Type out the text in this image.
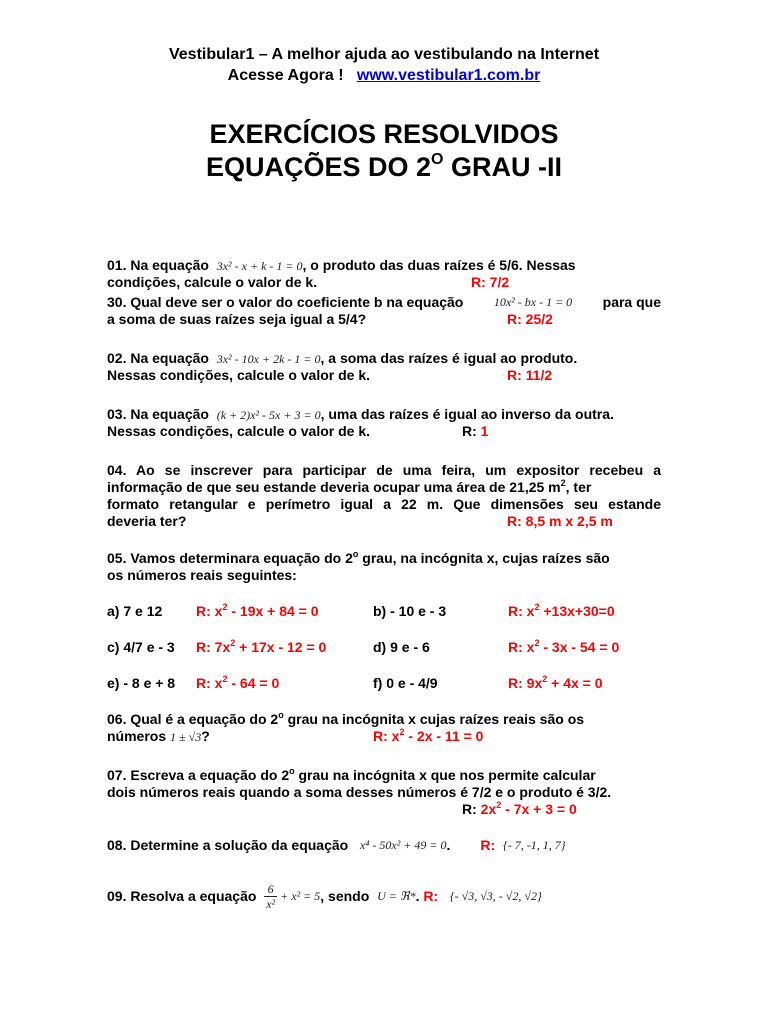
Vestibular1 – A melhor ajuda ao vestibulando na Internet
Acesse Agora ! www.vestibular1.com.br
EXERCÍCIOS RESOLVIDOS
EQUAÇÕES DO $2^O$ GRAU -II
01. Na equação 3x² - x + k - 1 = 0, o produto das duas raízes é 5/6. Nessas
condições, calcule o valor de k.	R: 7/2
30. Qual deve ser o valor do coeficiente b na equação	10x² - bx - 1 = 0 para que
a soma de suas raízes seja igual a 5/4?	R: 25/2
02. Na equação 3x² - 10x + 2k - 1 = 0, a soma das raízes é igual ao produto.
Nessas condições, calcule o valor de k.	R: 11/2
03. Na equação (k + 2)x² - 5x + 3 = 0, uma das raízes é igual ao inverso da outra.
Nessas condições, calcule o valor de k.	R:
1
04. Ao se inscrever para participar de uma feira, um expositor recebeu a
informação de que seu estande deveria ocupar uma área de 21,25 $m^2$, ter
formato retangular e perímetro igual a 22 m. Que dimensões seu estande
deveria ter?	R: 8,5 m x 2,5 m
05. Vamos determinara equação do 2$^o$ grau, na incógnita x, cujas raízes são
os números reais seguintes:
a) 7 e 12 R: $x^2 - 19x + 84 = 0$	b) - 10 e - 3	R: $x^2 +13x+30=0$
c) 4/7 e - 3 R: $7x^2 + 17x - 12 = 0$	d) 9 e - 6	R: $x^2 - 3x - 54 = 0$
e) - 8 e + 8 R: $x^2 - 64 = 0$	f) 0 e - 4/9	R: $9x^2 + 4x = 0$
06. Qual é a equação do 2$^o$ grau na incógnita x cujas raízes reais são os
números 1 ± √3?	R: $x^2 - 2x - 11 = 0$
07. Escreva a equação do 2$^o$ grau na incógnita x que nos permite calcular
dois números reais quando a soma desses números é 7/2 e o produto é 3/2.
R:
$2x^2 - 7x + 3 = 0$
08. Determine a solução da equação
x⁴ - 50x² + 49 = 0 . R:
{- 7, -1, 1, 7}
09. Resolva a equação
$\frac{6}{\text{x²}} + x^2 = 5$ , sendo
U = ℜ* .
R:
{- √3, √3, - √2, √2}
